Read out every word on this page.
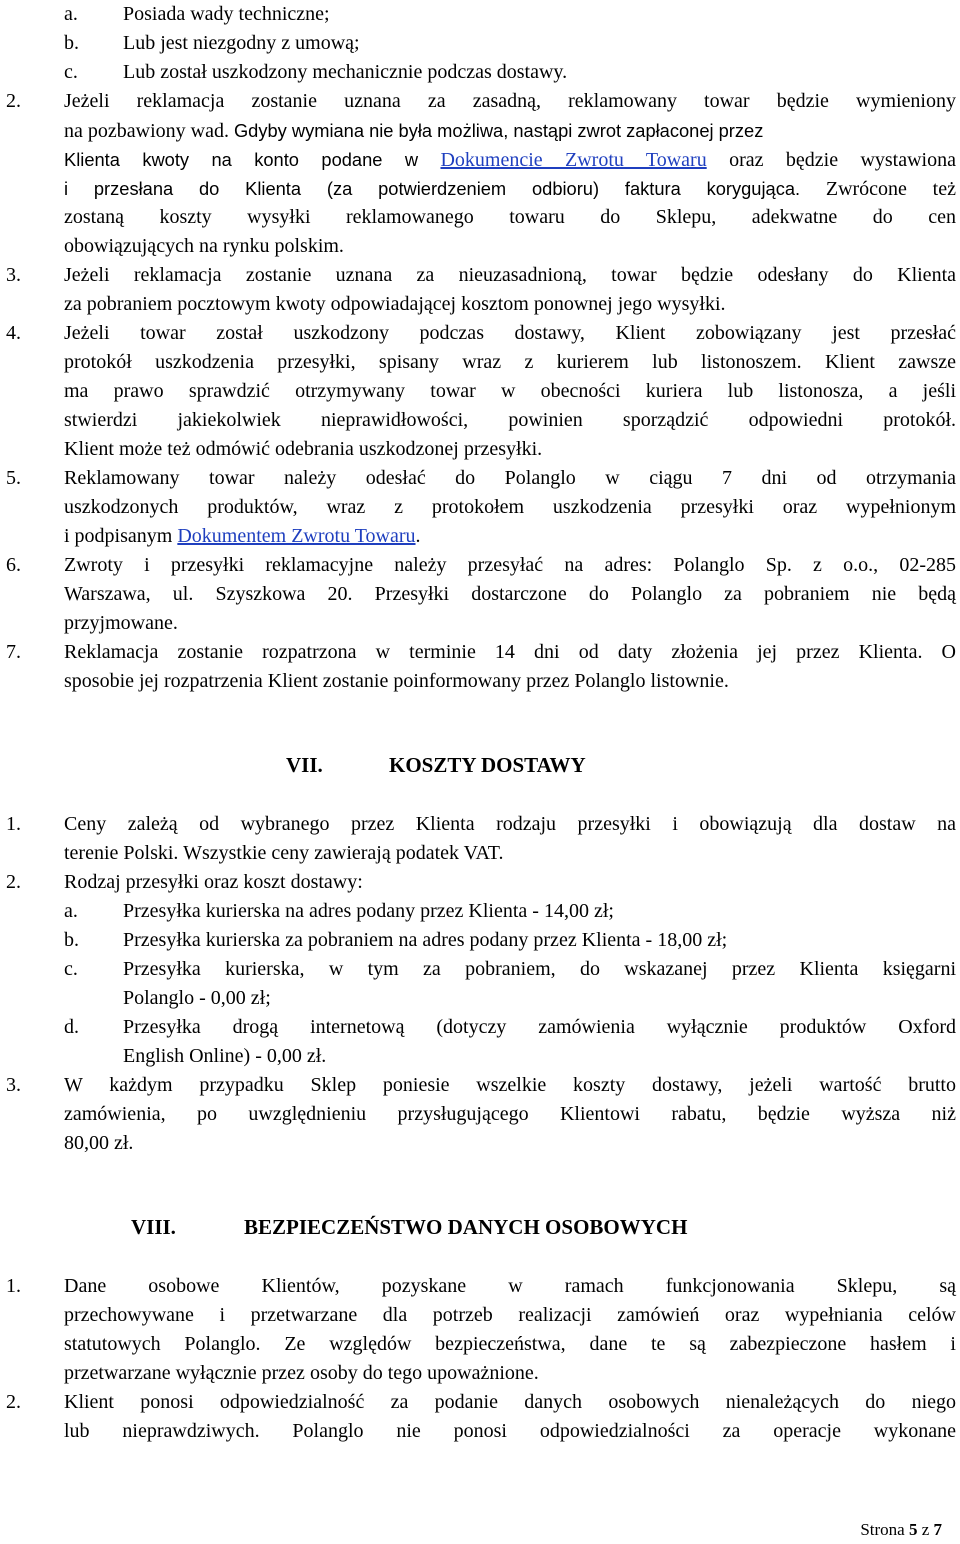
a. Posiada wady techniczne;
b. Lub jest niezgodny z umową;
c. Lub został uszkodzony mechanicznie podczas dostawy.
2. Jeżeli reklamacja zostanie uznana za zasadną, reklamowany towar będzie wymieniony
na pozbawiony wad. Gdyby wymiana nie była możliwa, nastąpi zwrot zapłaconej przez
Klienta kwoty na konto podane w Dokumencie Zwrotu Towaru oraz będzie wystawiona
i przesłana do Klienta (za potwierdzeniem odbioru) faktura korygująca. Zwrócone też
zostaną koszty wysyłki reklamowanego towaru do Sklepu, adekwatne do cen
obowiązujących na rynku polskim.
3. Jeżeli reklamacja zostanie uznana za nieuzasadnioną, towar będzie odesłany do Klienta
za pobraniem pocztowym kwoty odpowiadającej kosztom ponownej jego wysyłki.
4. Jeżeli towar został uszkodzony podczas dostawy, Klient zobowiązany jest przesłać
protokół uszkodzenia przesyłki, spisany wraz z kurierem lub listonoszem. Klient zawsze
ma prawo sprawdzić otrzymywany towar w obecności kuriera lub listonosza, a jeśli
stwierdzi jakiekolwiek nieprawidłowości, powinien sporządzić odpowiedni protokół.
Klient może też odmówić odebrania uszkodzonej przesyłki.
5. Reklamowany towar należy odesłać do Polanglo w ciągu 7 dni od otrzymania
uszkodzonych produktów, wraz z protokołem uszkodzenia przesyłki oraz wypełnionym
i podpisanym Dokumentem Zwrotu Towaru.
6. Zwroty i przesyłki reklamacyjne należy przesyłać na adres: Polanglo Sp. z o.o., 02-285
Warszawa, ul. Szyszkowa 20. Przesyłki dostarczone do Polanglo za pobraniem nie będą
przyjmowane.
7. Reklamacja zostanie rozpatrzona w terminie 14 dni od daty złożenia jej przez Klienta. O
sposobie jej rozpatrzenia Klient zostanie poinformowany przez Polanglo listownie.
VII.	KOSZTY DOSTAWY
1. Ceny zależą od wybranego przez Klienta rodzaju przesyłki i obowiązują dla dostaw na
terenie Polski. Wszystkie ceny zawierają podatek VAT.
2. Rodzaj przesyłki oraz koszt dostawy:
a. Przesyłka kurierska na adres podany przez Klienta - 14,00 zł;
b. Przesyłka kurierska za pobraniem na adres podany przez Klienta - 18,00 zł;
c. Przesyłka kurierska, w tym za pobraniem, do wskazanej przez Klienta księgarni
Polanglo - 0,00 zł;
d. Przesyłka drogą internetową (dotyczy zamówienia wyłącznie produktów Oxford
English Online) - 0,00 zł.
3. W każdym przypadku Sklep poniesie wszelkie koszty dostawy, jeżeli wartość brutto
zamówienia, po uwzględnieniu przysługującego Klientowi rabatu, będzie wyższa niż
80,00 zł.
VIII.	BEZPIECZEŃSTWO DANYCH OSOBOWYCH
1. Dane osobowe Klientów, pozyskane w ramach funkcjonowania Sklepu, są
przechowywane i przetwarzane dla potrzeb realizacji zamówień oraz wypełniania celów
statutowych Polanglo. Ze względów bezpieczeństwa, dane te są zabezpieczone hasłem i
przetwarzane wyłącznie przez osoby do tego upoważnione.
2. Klient ponosi odpowiedzialność za podanie danych osobowych nienależących do niego
lub nieprawdziwych. Polanglo nie ponosi odpowiedzialności za operacje wykonane
Strona 5 z 7
